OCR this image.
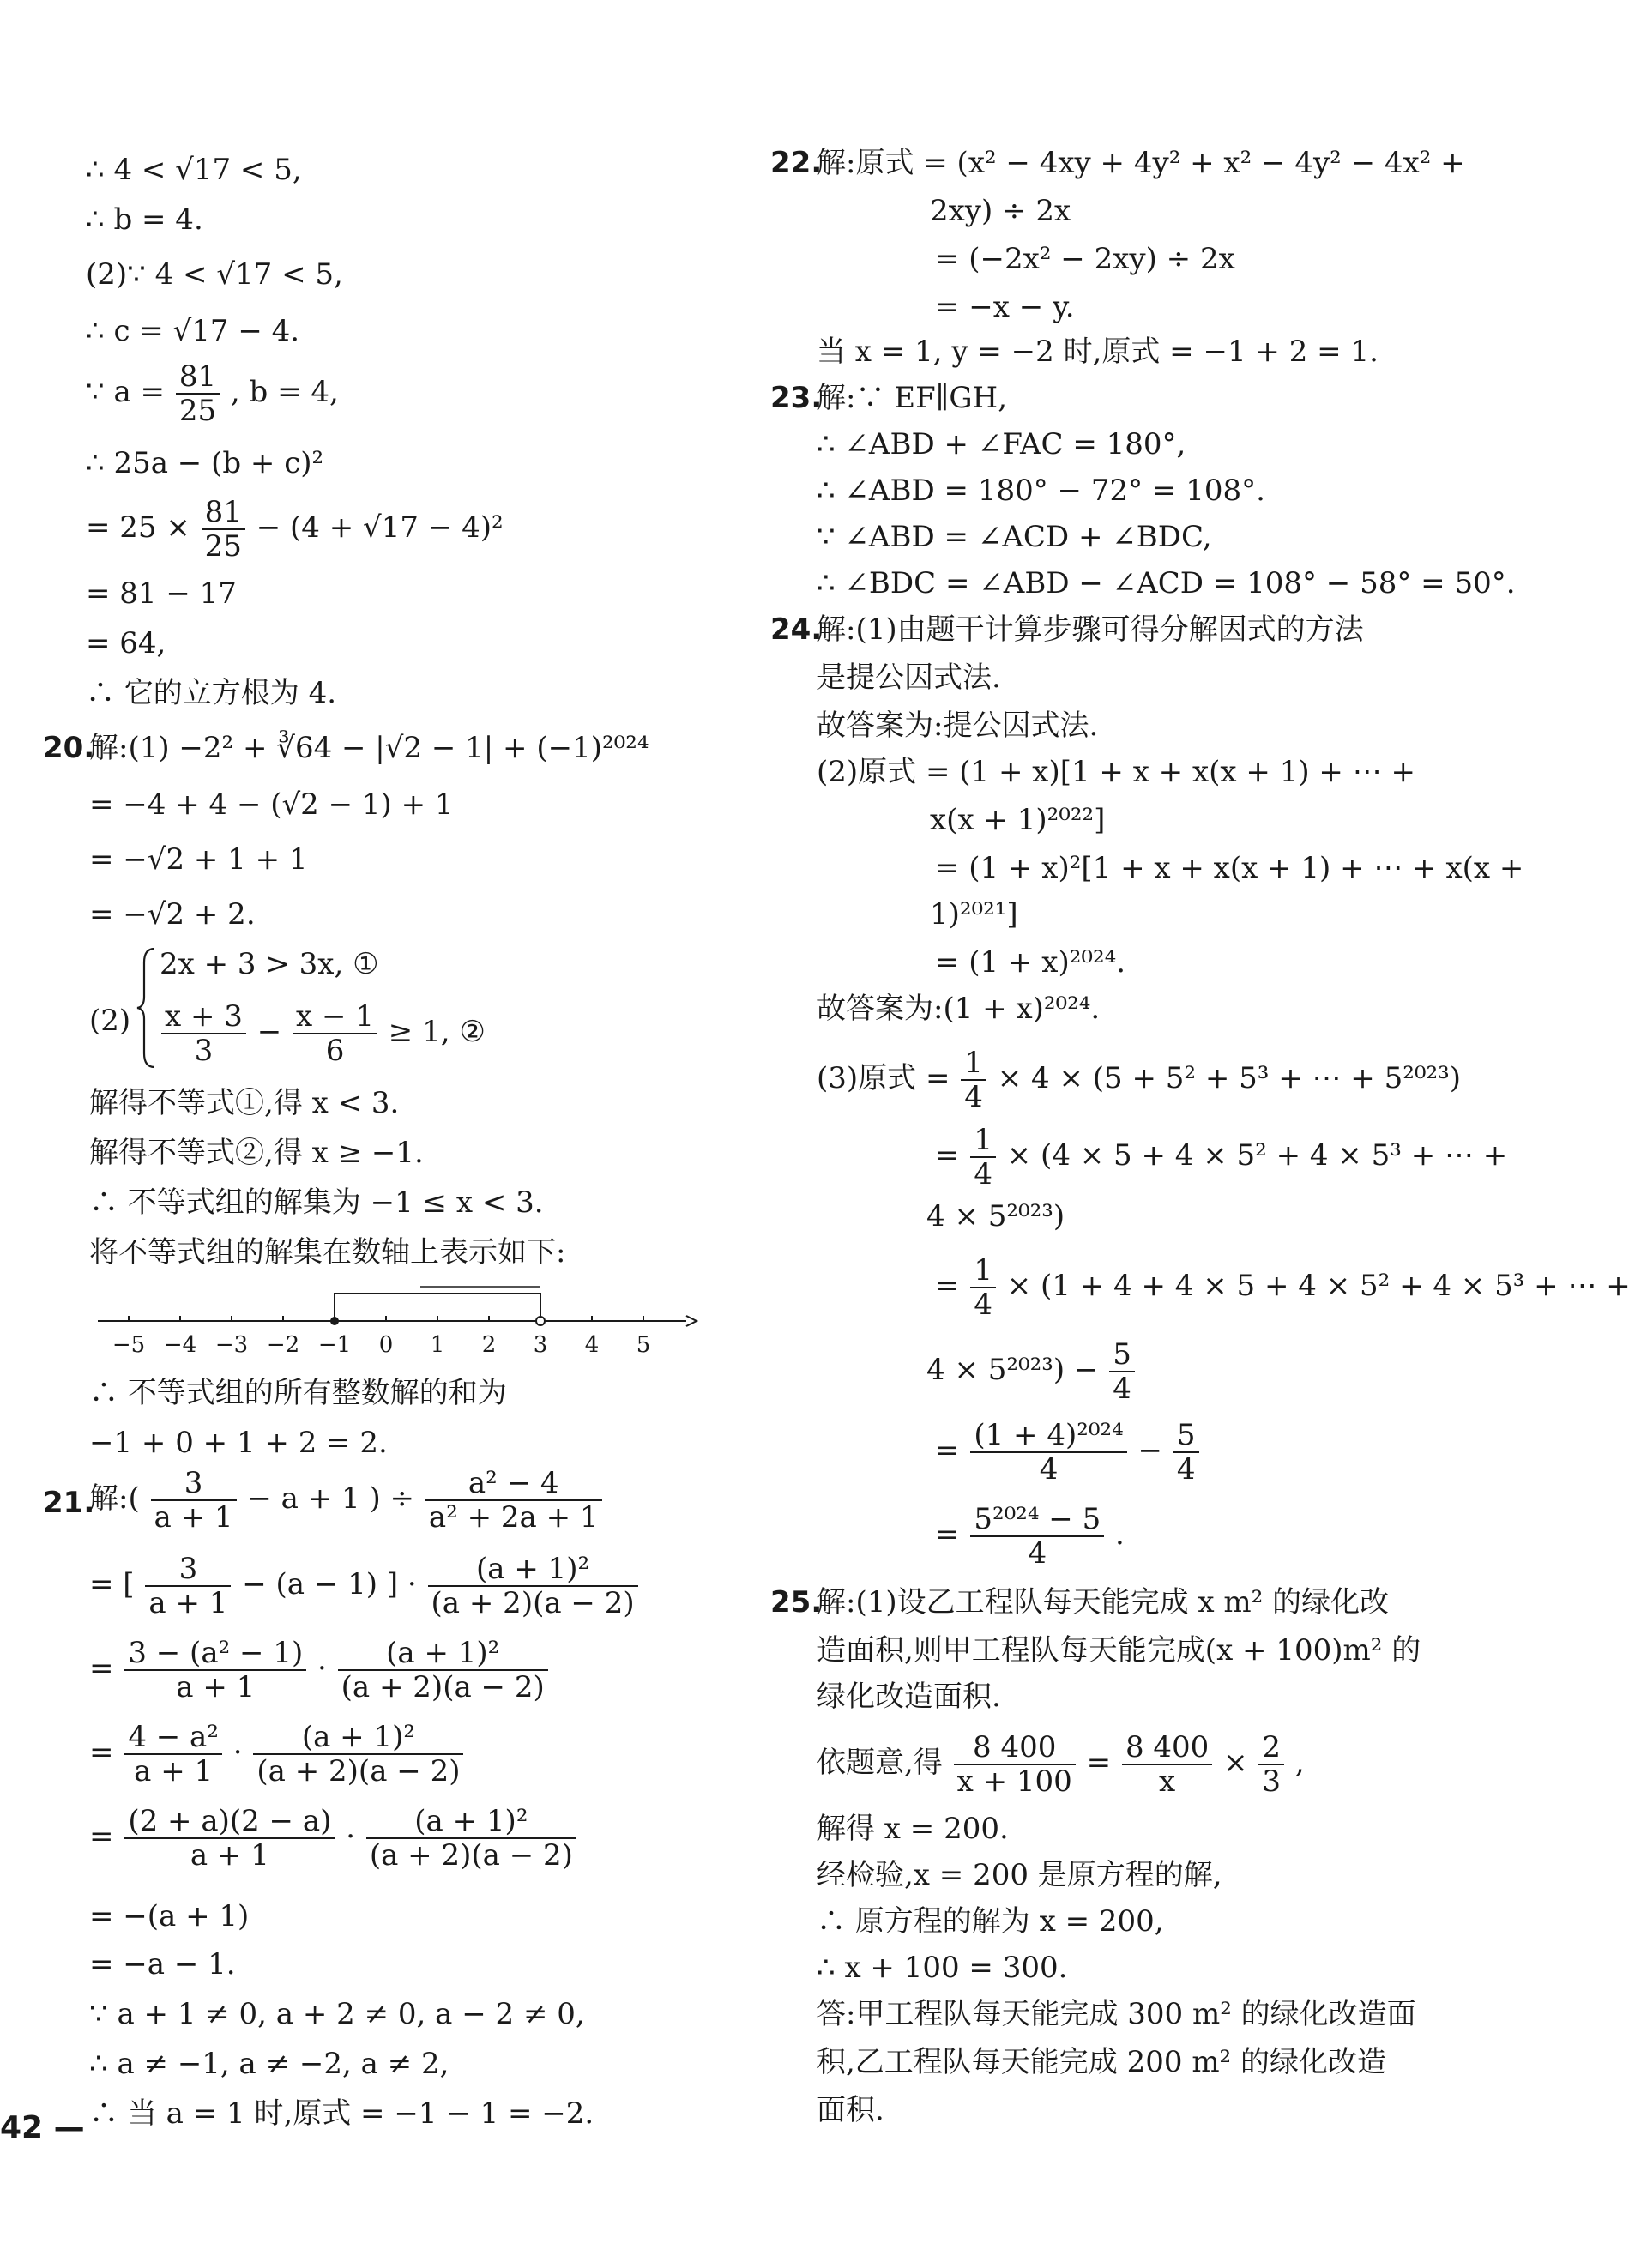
∴ 4 < √17 < 5,
∴ b = 4.
(2)∵ 4 < √17 < 5,
∴ c = √17 − 4.
∵ $a = \frac{81}{25}$ , b = 4,
∴ 25a − (b + c)²
= $25 \times \frac{81}{25} - (4 + √17 - 4)^2$
= 81 − 17
= 64,
∴ 它的立方根为 4.
20.
解:(1) −2² + ∛64 − |√2 − 1| + (−1)²⁰²⁴
= −4 + 4 − (√2 − 1) + 1
= −√2 + 1 + 1
= −√2 + 2.
(2)
2x + 3 > 3x, ①
$\frac{x + 3}{3} - \frac{x - 1}{6} \ge 1$, ②
解得不等式①,得 x < 3.
解得不等式②,得 x ≥ −1.
∴ 不等式组的解集为 −1 ≤ x < 3.
将不等式组的解集在数轴上表示如下:
−5 −4 −3 −2 −1 0 1 2 3 4 5
∴ 不等式组的所有整数解的和为
−1 + 0 + 1 + 2 = 2.
21.
解:( $\frac{3}{a + 1} - a + 1$ ) ÷ $\frac{\text{a² − 4}}{\text{a² + 2a + 1}}$
= [ $\frac{3}{a + 1} - (a - 1)$ ] · $\frac{\text{(a + 1)²}}{(a + 2)(a - 2)}$
= $\frac{\text{3 − (a² − 1)}}{a + 1} \cdot \frac{\text{(a + 1)²}}{(a + 2)(a - 2)}$
= $\frac{\text{4 − a²}}{a + 1} \cdot \frac{\text{(a + 1)²}}{(a + 2)(a - 2)}$
= $\frac{(2 + a)(2 - a)}{a + 1} \cdot \frac{\text{(a + 1)²}}{(a + 2)(a - 2)}$
= −(a + 1)
= −a − 1.
∵ a + 1 ≠ 0, a + 2 ≠ 0, a − 2 ≠ 0,
∴ a ≠ −1, a ≠ −2, a ≠ 2,
∴ 当 a = 1 时,原式 = −1 − 1 = −2.
22.
解:原式 = (x² − 4xy + 4y² + x² − 4y² − 4x² +
2xy) ÷ 2x
= (−2x² − 2xy) ÷ 2x
= −x − y.
当 x = 1, y = −2 时,原式 = −1 + 2 = 1.
23.
解:∵ EF∥GH,
∴ ∠ABD + ∠FAC = 180°,
∴ ∠ABD = 180° − 72° = 108°.
∵ ∠ABD = ∠ACD + ∠BDC,
∴ ∠BDC = ∠ABD − ∠ACD = 108° − 58° = 50°.
24.
解:(1)由题干计算步骤可得分解因式的方法
是提公因式法.
故答案为:提公因式法.
(2)原式 = (1 + x)[1 + x + x(x + 1) + ⋯ +
x(x + 1)²⁰²²]
= (1 + x)²[1 + x + x(x + 1) + ⋯ + x(x +
1)²⁰²¹]
= (1 + x)²⁰²⁴.
故答案为:(1 + x)²⁰²⁴.
(3)原式 = $\frac{1}{4} \times 4 \times (5 + 5^2 + 5^3$ + ⋯ + 5²⁰²³)
= $\frac{1}{4} \times (4 \times 5 + 4 \times 5^2 + 4 \times 5^3$ + ⋯ +
4 × 5²⁰²³)
= $\frac{1}{4} \times (1 + 4 + 4 \times 5 + 4 \times 5^2 + 4 \times 5^3$ + ⋯ +
$4 \times 5^{2023}) - \frac{5}{4}$
= $\frac{\text{(1 + 4)²⁰²⁴}}{4} - \frac{5}{4}$
= $\frac{\text{5²⁰²⁴ − 5}}{4}$ .
25.
解:(1)设乙工程队每天能完成 x m² 的绿化改
造面积,则甲工程队每天能完成(x + 100)m² 的
绿化改造面积.
依题意,得 $\frac{8 400}{x + 100} = \frac{8 400}{x} \times \frac{2}{3}$ ,
解得 x = 200.
经检验,x = 200 是原方程的解,
∴ 原方程的解为 x = 200,
∴ x + 100 = 300.
答:甲工程队每天能完成 300 m² 的绿化改造面
积,乙工程队每天能完成 200 m² 的绿化改造
面积.
42 —
